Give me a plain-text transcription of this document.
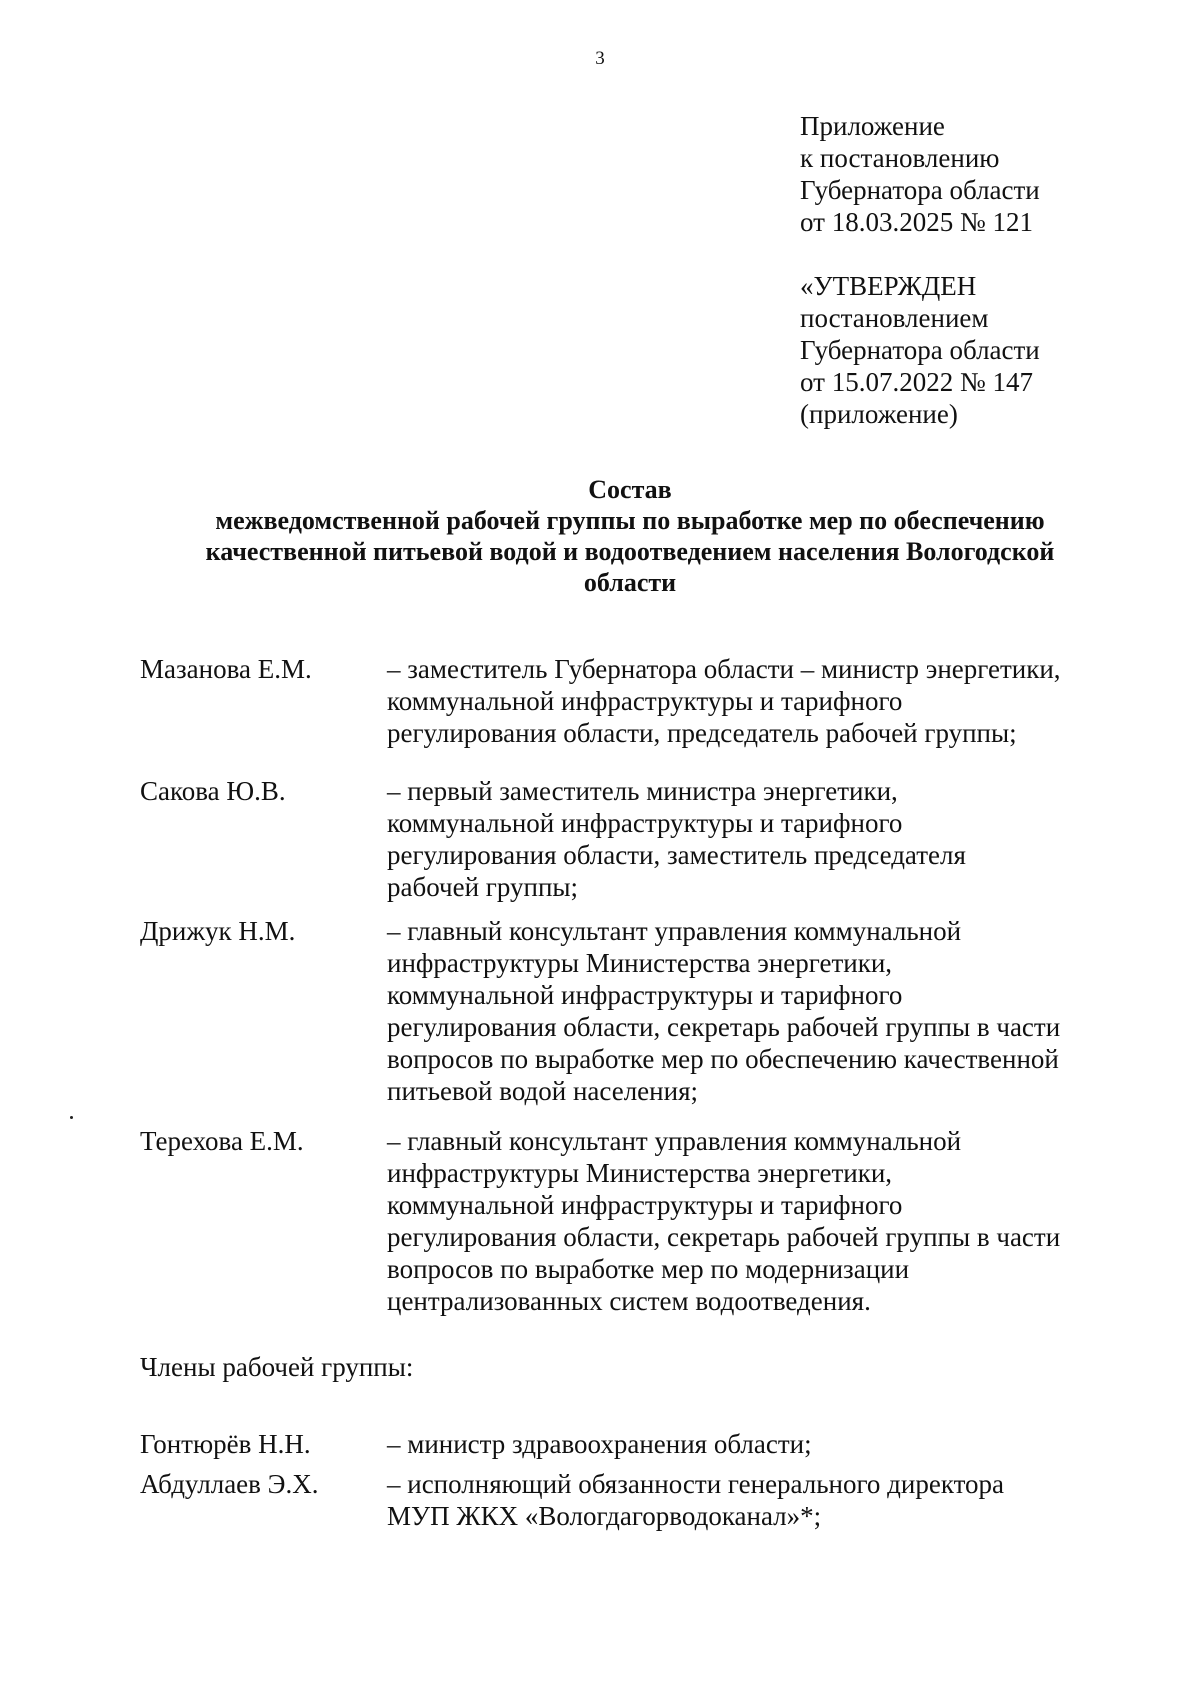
3
Приложение
к постановлению
Губернатора области
от 18.03.2025 № 121
«УТВЕРЖДЕН
постановлением
Губернатора области
от 15.07.2022 № 147
(приложение)
Состав
межведомственной рабочей группы по выработке мер по обеспечению
качественной питьевой водой и водоотведением населения Вологодской
области
Мазанова Е.М.	– заместитель Губернатора области – министр энергетики,
коммунальной инфраструктуры и тарифного
регулирования области, председатель рабочей группы;
Сакова Ю.В.	– первый заместитель министра энергетики,
коммунальной инфраструктуры и тарифного
регулирования области, заместитель председателя
рабочей группы;
Дрижук Н.М.	– главный консультант управления коммунальной
инфраструктуры Министерства энергетики,
коммунальной инфраструктуры и тарифного
регулирования области, секретарь рабочей группы в части
вопросов по выработке мер по обеспечению качественной
питьевой водой населения;
Терехова Е.М.	– главный консультант управления коммунальной
инфраструктуры Министерства энергетики,
коммунальной инфраструктуры и тарифного
регулирования области, секретарь рабочей группы в части
вопросов по выработке мер по модернизации
централизованных систем водоотведения.
Члены рабочей группы:
Гонтюрёв Н.Н.	– министр здравоохранения области;
Абдуллаев Э.Х.	– исполняющий обязанности генерального директора
МУП ЖКХ «Вологдагорводоканал»*;
